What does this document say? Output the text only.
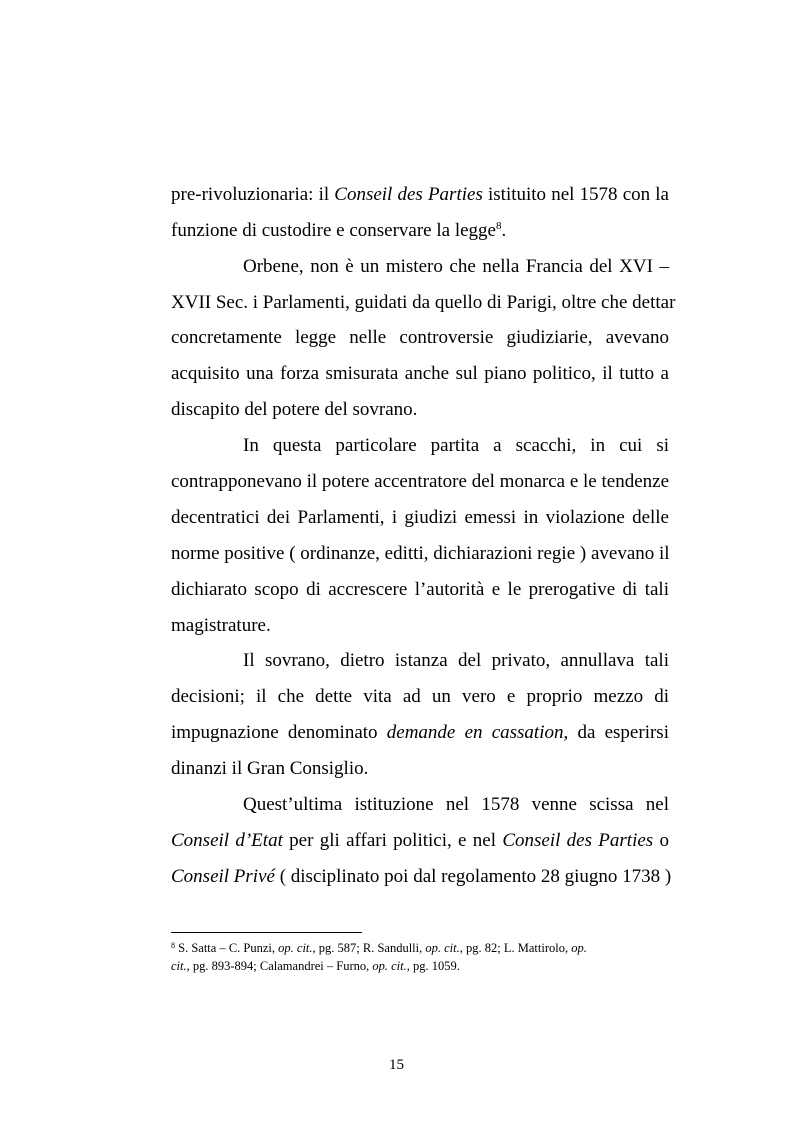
pre-rivoluzionaria: il Conseil des Parties istituito nel 1578 con la
funzione di custodire e conservare la legge$^8$.
Orbene, non è un mistero che nella Francia del XVI –
XVII Sec. i Parlamenti, guidati da quello di Parigi, oltre che dettar
concretamente legge nelle controversie giudiziarie, avevano
acquisito una forza smisurata anche sul piano politico, il tutto a
discapito del potere del sovrano.
In questa particolare partita a scacchi, in cui si
contrapponevano il potere accentratore del monarca e le tendenze
decentratici dei Parlamenti, i giudizi emessi in violazione delle
norme positive ( ordinanze, editti, dichiarazioni regie ) avevano il
dichiarato scopo di accrescere l’autorità e le prerogative di tali
magistrature.
Il sovrano, dietro istanza del privato, annullava tali
decisioni; il che dette vita ad un vero e proprio mezzo di
impugnazione denominato demande en cassation, da esperirsi
dinanzi il Gran Consiglio.
Quest’ultima istituzione nel 1578 venne scissa nel
Conseil d’Etat per gli affari politici, e nel Conseil des Parties o
Conseil Privé ( disciplinato poi dal regolamento 28 giugno 1738 )
$^8$ S. Satta – C. Punzi, op. cit., pg. 587; R. Sandulli, op. cit., pg. 82; L. Mattirolo, op.
cit., pg. 893-894; Calamandrei – Furno, op. cit., pg. 1059.
15
